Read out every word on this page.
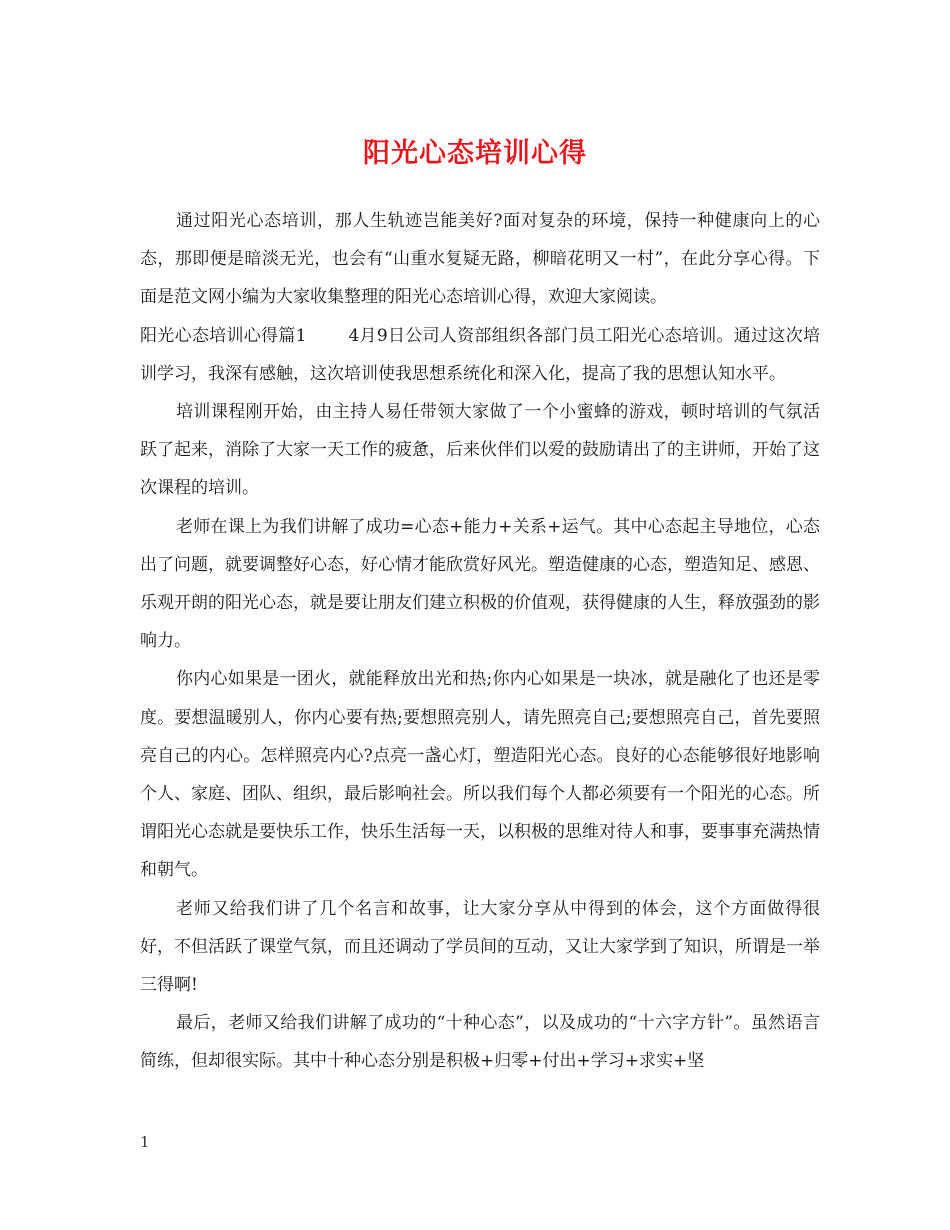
阳光心态培训心得

通过阳光心态培训，那人生轨迹岂能美好?面对复杂的环境，保持一种健康向上的心态，那即便是暗淡无光，也会有“山重水复疑无路，柳暗花明又一村”，在此分享心得。下面是范文网小编为大家收集整理的阳光心态培训心得，欢迎大家阅读。

阳光心态培训心得篇1 4月9日公司人资部组织各部门员工阳光心态培训。通过这次培训学习，我深有感触，这次培训使我思想系统化和深入化，提高了我的思想认知水平。

培训课程刚开始，由主持人易任带领大家做了一个小蜜蜂的游戏，顿时培训的气氛活跃了起来，消除了大家一天工作的疲惫，后来伙伴们以爱的鼓励请出了的主讲师，开始了这次课程的培训。

老师在课上为我们讲解了成功=心态+能力+关系+运气。其中心态起主导地位，心态出了问题，就要调整好心态，好心情才能欣赏好风光。塑造健康的心态，塑造知足、感恩、乐观开朗的阳光心态，就是要让朋友们建立积极的价值观，获得健康的人生，释放强劲的影响力。

你内心如果是一团火，就能释放出光和热;你内心如果是一块冰，就是融化了也还是零度。要想温暖别人，你内心要有热;要想照亮别人，请先照亮自己;要想照亮自己，首先要照亮自己的内心。怎样照亮内心?点亮一盏心灯，塑造阳光心态。良好的心态能够很好地影响个人、家庭、团队、组织，最后影响社会。所以我们每个人都必须要有一个阳光的心态。所谓阳光心态就是要快乐工作，快乐生活每一天，以积极的思维对待人和事，要事事充满热情和朝气。

老师又给我们讲了几个名言和故事，让大家分享从中得到的体会，这个方面做得很好，不但活跃了课堂气氛，而且还调动了学员间的互动，又让大家学到了知识，所谓是一举三得啊!

最后，老师又给我们讲解了成功的“十种心态”，以及成功的“十六字方针”。虽然语言简练，但却很实际。其中十种心态分别是积极+归零+付出+学习+求实+坚

1
